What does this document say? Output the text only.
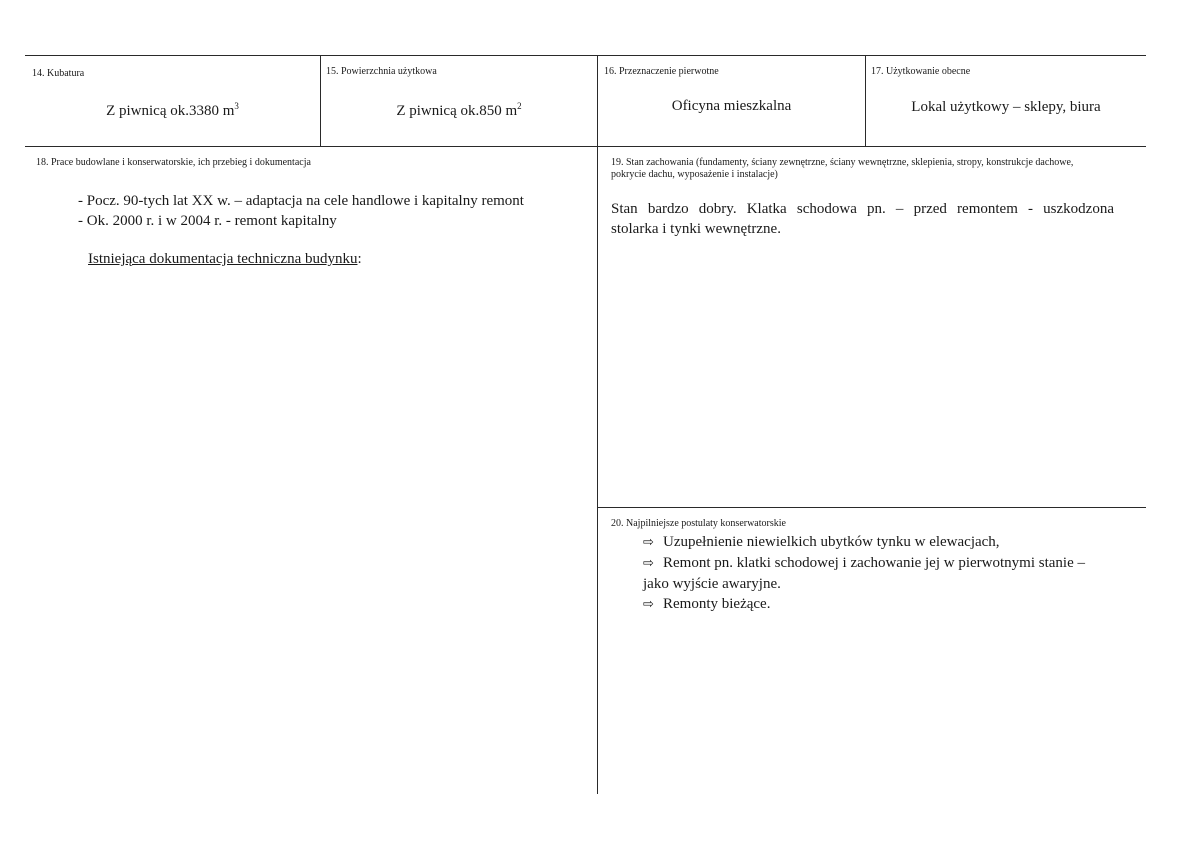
14. Kubatura
Z piwnicą ok.3380 $m^3$
15. Powierzchnia użytkowa
Z piwnicą ok.850 $m^2$
16. Przeznaczenie pierwotne
Oficyna mieszkalna
17. Użytkowanie obecne
Lokal użytkowy – sklepy, biura
18. Prace budowlane i konserwatorskie, ich przebieg i dokumentacja
- Pocz. 90-tych lat XX w. – adaptacja na cele handlowe i kapitalny remont
- Ok. 2000 r. i w 2004 r. - remont kapitalny
Istniejąca dokumentacja techniczna budynku:
19. Stan zachowania (fundamenty, ściany zewnętrzne, ściany wewnętrzne, sklepienia, stropy, konstrukcje dachowe,
pokrycie dachu, wyposażenie i instalacje)
Stan bardzo dobry. Klatka schodowa pn. – przed remontem - uszkodzona
stolarka i tynki wewnętrzne.
20. Najpilniejsze postulaty konserwatorskie
⇨ Uzupełnienie niewielkich ubytków tynku w elewacjach,
⇨ Remont pn. klatki schodowej i zachowanie jej w pierwotnymi stanie –
jako wyjście awaryjne.
⇨ Remonty bieżące.
